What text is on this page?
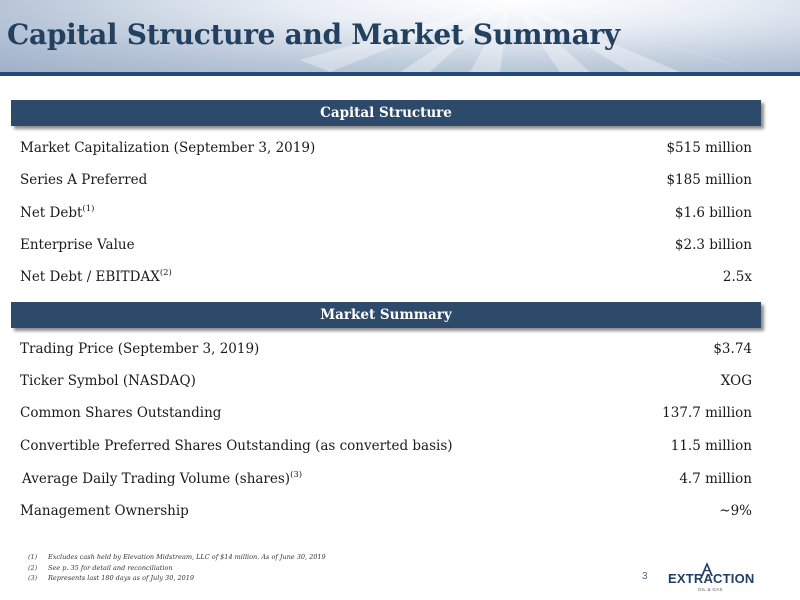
Capital Structure and Market Summary
Capital Structure
Market Capitalization (September 3, 2019)	$515 million
Series A Preferred	$185 million
Net Debt$^{(1)}$	$1.6 billion
Enterprise Value	$2.3 billion
Net Debt / EBITDAX$^{(2)}$	2.5x
Market Summary
Trading Price (September 3, 2019)	$3.74
Ticker Symbol (NASDAQ)	XOG
Common Shares Outstanding	137.7 million
Convertible Preferred Shares Outstanding (as converted basis)	11.5 million
Average Daily Trading Volume (shares)$^{(3)}$	4.7 million
Management Ownership	~9%
(1) Excludes cash held by Elevation Midstream, LLC of $14 million. As of June 30, 2019
(2) See p. 35 for detail and reconciliation
(3) Represents last 180 days as of July 30, 2019	3 EXTRACTION
OIL & GAS
